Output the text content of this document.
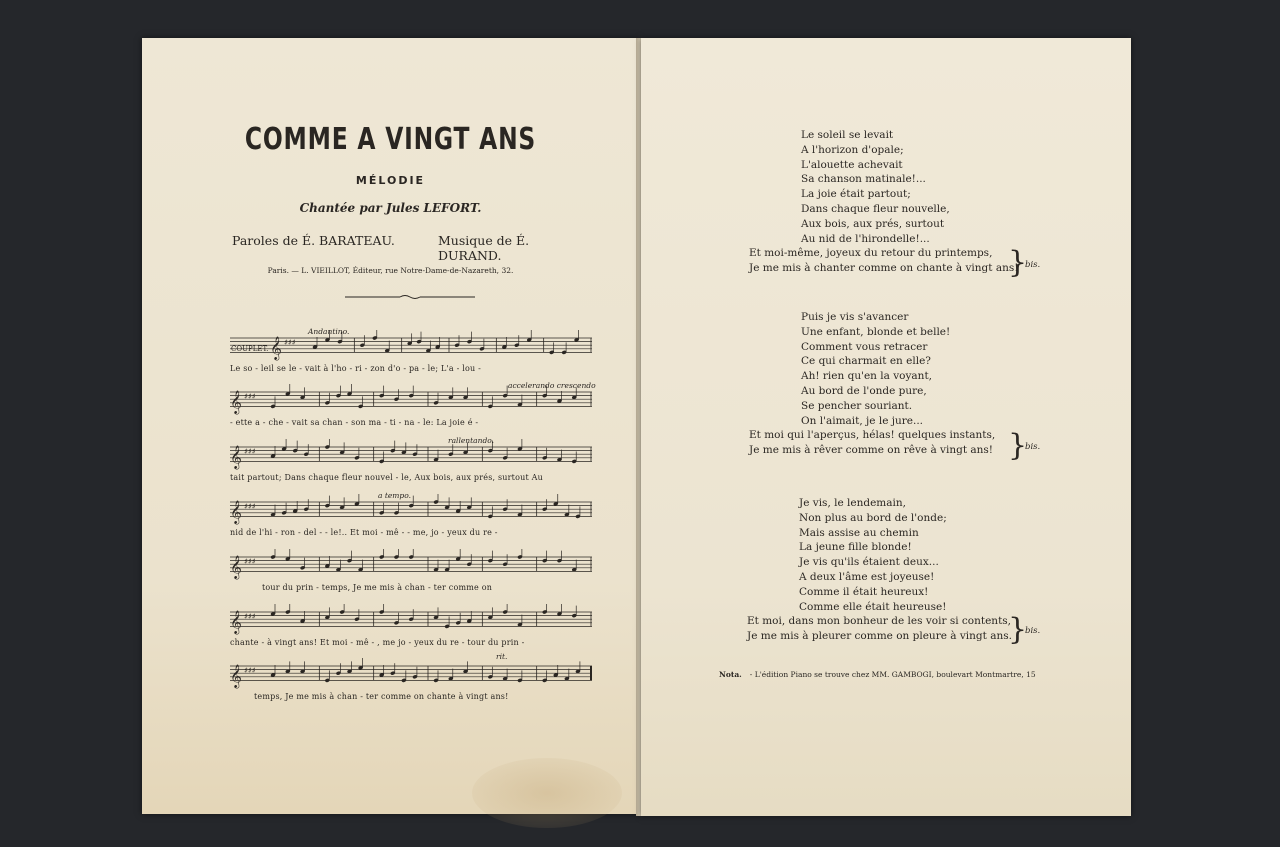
COMME A VINGT ANS
MÉLODIE
Chantée par Jules LEFORT.
Paroles de É. BARATEAU.	Musique de É. DURAND.
Paris. — L. VIEILLOT, Éditeur, rue Notre-Dame-de-Nazareth, 32.
COUPLET. 𝄞 ♯♯♯
Andantino.
Le so - leil se le - vait à l'ho - ri - zon d'o - pa - le; L'a - lou -
𝄞 ♯♯♯
accelerando crescendo
- ette a - che - vait sa chan - son ma - ti - na - le: La joie é -
𝄞 ♯♯♯
rallentando.
tait partout; Dans chaque fleur nouvel - le, Aux bois, aux prés, surtout Au
𝄞 ♯♯♯
a tempo.
nid de l'hi - ron - del - - le!.. Et moi - mê - - me, jo - yeux du re -
𝄞 ♯♯♯
tour du prin - temps, Je me mis à chan - ter comme on
𝄞 ♯♯♯
chante - à vingt ans! Et moi - mê - , me jo - yeux du re - tour du prin -
𝄞 ♯♯♯
rit.
temps, Je me mis à chan - ter comme on chante à vingt ans!
Le soleil se levait
A l'horizon d'opale;
L'alouette achevait
Sa chanson matinale!...
La joie était partout;
Dans chaque fleur nouvelle,
Aux bois, aux prés, surtout
Au nid de l'hirondelle!...
Et moi-même, joyeux du retour du printemps,
Je me mis à chanter comme on chante à vingt ans!
}
bis.
Puis je vis s'avancer
Une enfant, blonde et belle!
Comment vous retracer
Ce qui charmait en elle?
Ah! rien qu'en la voyant,
Au bord de l'onde pure,
Se pencher souriant.
On l'aimait, je le jure...
Et moi qui l'aperçus, hélas! quelques instants,
Je me mis à rêver comme on rêve à vingt ans! }
bis.
Je vis, le lendemain,
Non plus au bord de l'onde;
Mais assise au chemin
La jeune fille blonde!
Je vis qu'ils étaient deux...
A deux l'âme est joyeuse!
Comme il était heureux!
Comme elle était heureuse!
Et moi, dans mon bonheur de les voir si contents,
Je me mis à pleurer comme on pleure à vingt ans.
}
bis.
Nota. - L'édition Piano se trouve chez MM. GAMBOGI, boulevart Montmartre, 15
